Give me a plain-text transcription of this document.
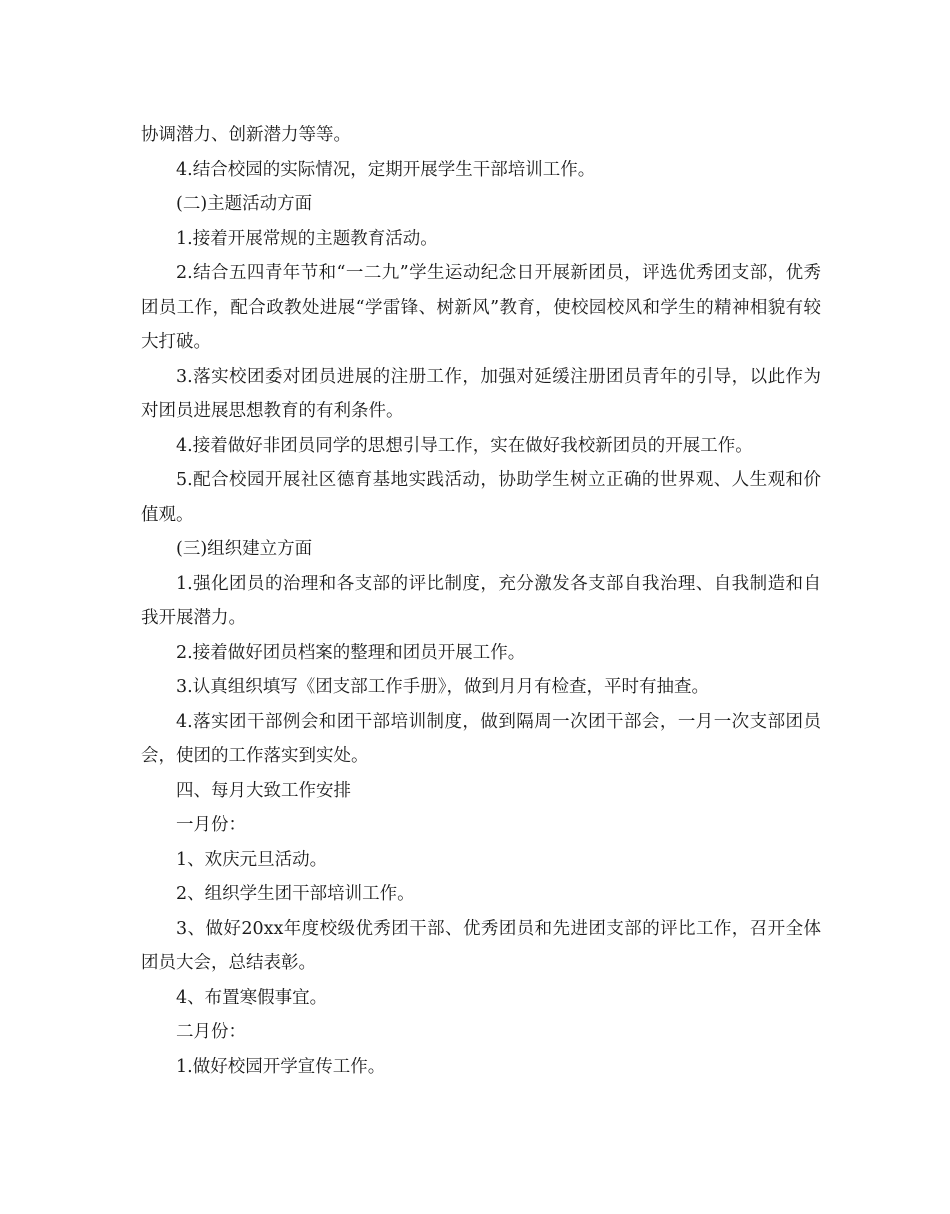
协调潜力、创新潜力等等。

4.结合校园的实际情况，定期开展学生干部培训工作。

(二)主题活动方面

1.接着开展常规的主题教育活动。

2.结合五四青年节和“一二九”学生运动纪念日开展新团员，评选优秀团支部，优秀团员工作，配合政教处进展“学雷锋、树新风”教育，使校园校风和学生的精神相貌有较大打破。

3.落实校团委对团员进展的注册工作，加强对延缓注册团员青年的引导，以此作为对团员进展思想教育的有利条件。

4.接着做好非团员同学的思想引导工作，实在做好我校新团员的开展工作。

5.配合校园开展社区德育基地实践活动，协助学生树立正确的世界观、人生观和价值观。

(三)组织建立方面

1.强化团员的治理和各支部的评比制度，充分激发各支部自我治理、自我制造和自我开展潜力。

2.接着做好团员档案的整理和团员开展工作。

3.认真组织填写《团支部工作手册》，做到月月有检查，平时有抽查。

4.落实团干部例会和团干部培训制度，做到隔周一次团干部会，一月一次支部团员会，使团的工作落实到实处。

四、每月大致工作安排

一月份：

1、欢庆元旦活动。

2、组织学生团干部培训工作。

3、做好20xx年度校级优秀团干部、优秀团员和先进团支部的评比工作，召开全体团员大会，总结表彰。

4、布置寒假事宜。

二月份：

1.做好校园开学宣传工作。
